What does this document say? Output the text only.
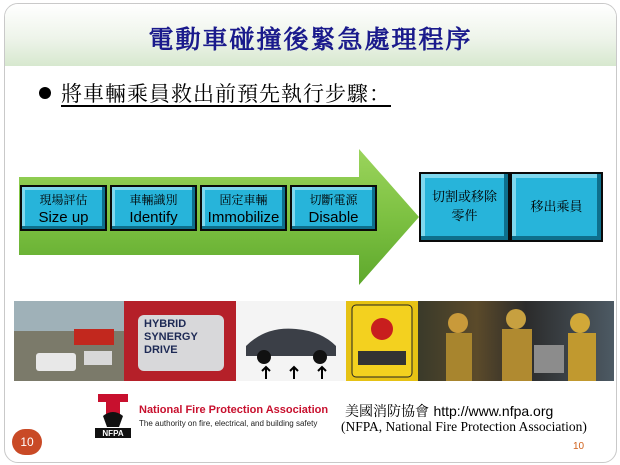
電動車碰撞後緊急處理程序
將車輛乘員救出前預先執行步驟：
現場評估
Size up
車輛識別
Identify
固定車輛
Immobilize
切斷電源
Disable
切割或移除
零件
移出乘員
HYBRID
SYNERGY
DRIVE
NFPA
National Fire Protection Association
The authority on fire, electrical, and building safety
美國消防協會 http://www.nfpa.org
(NFPA, National Fire Protection Association)
10	10
